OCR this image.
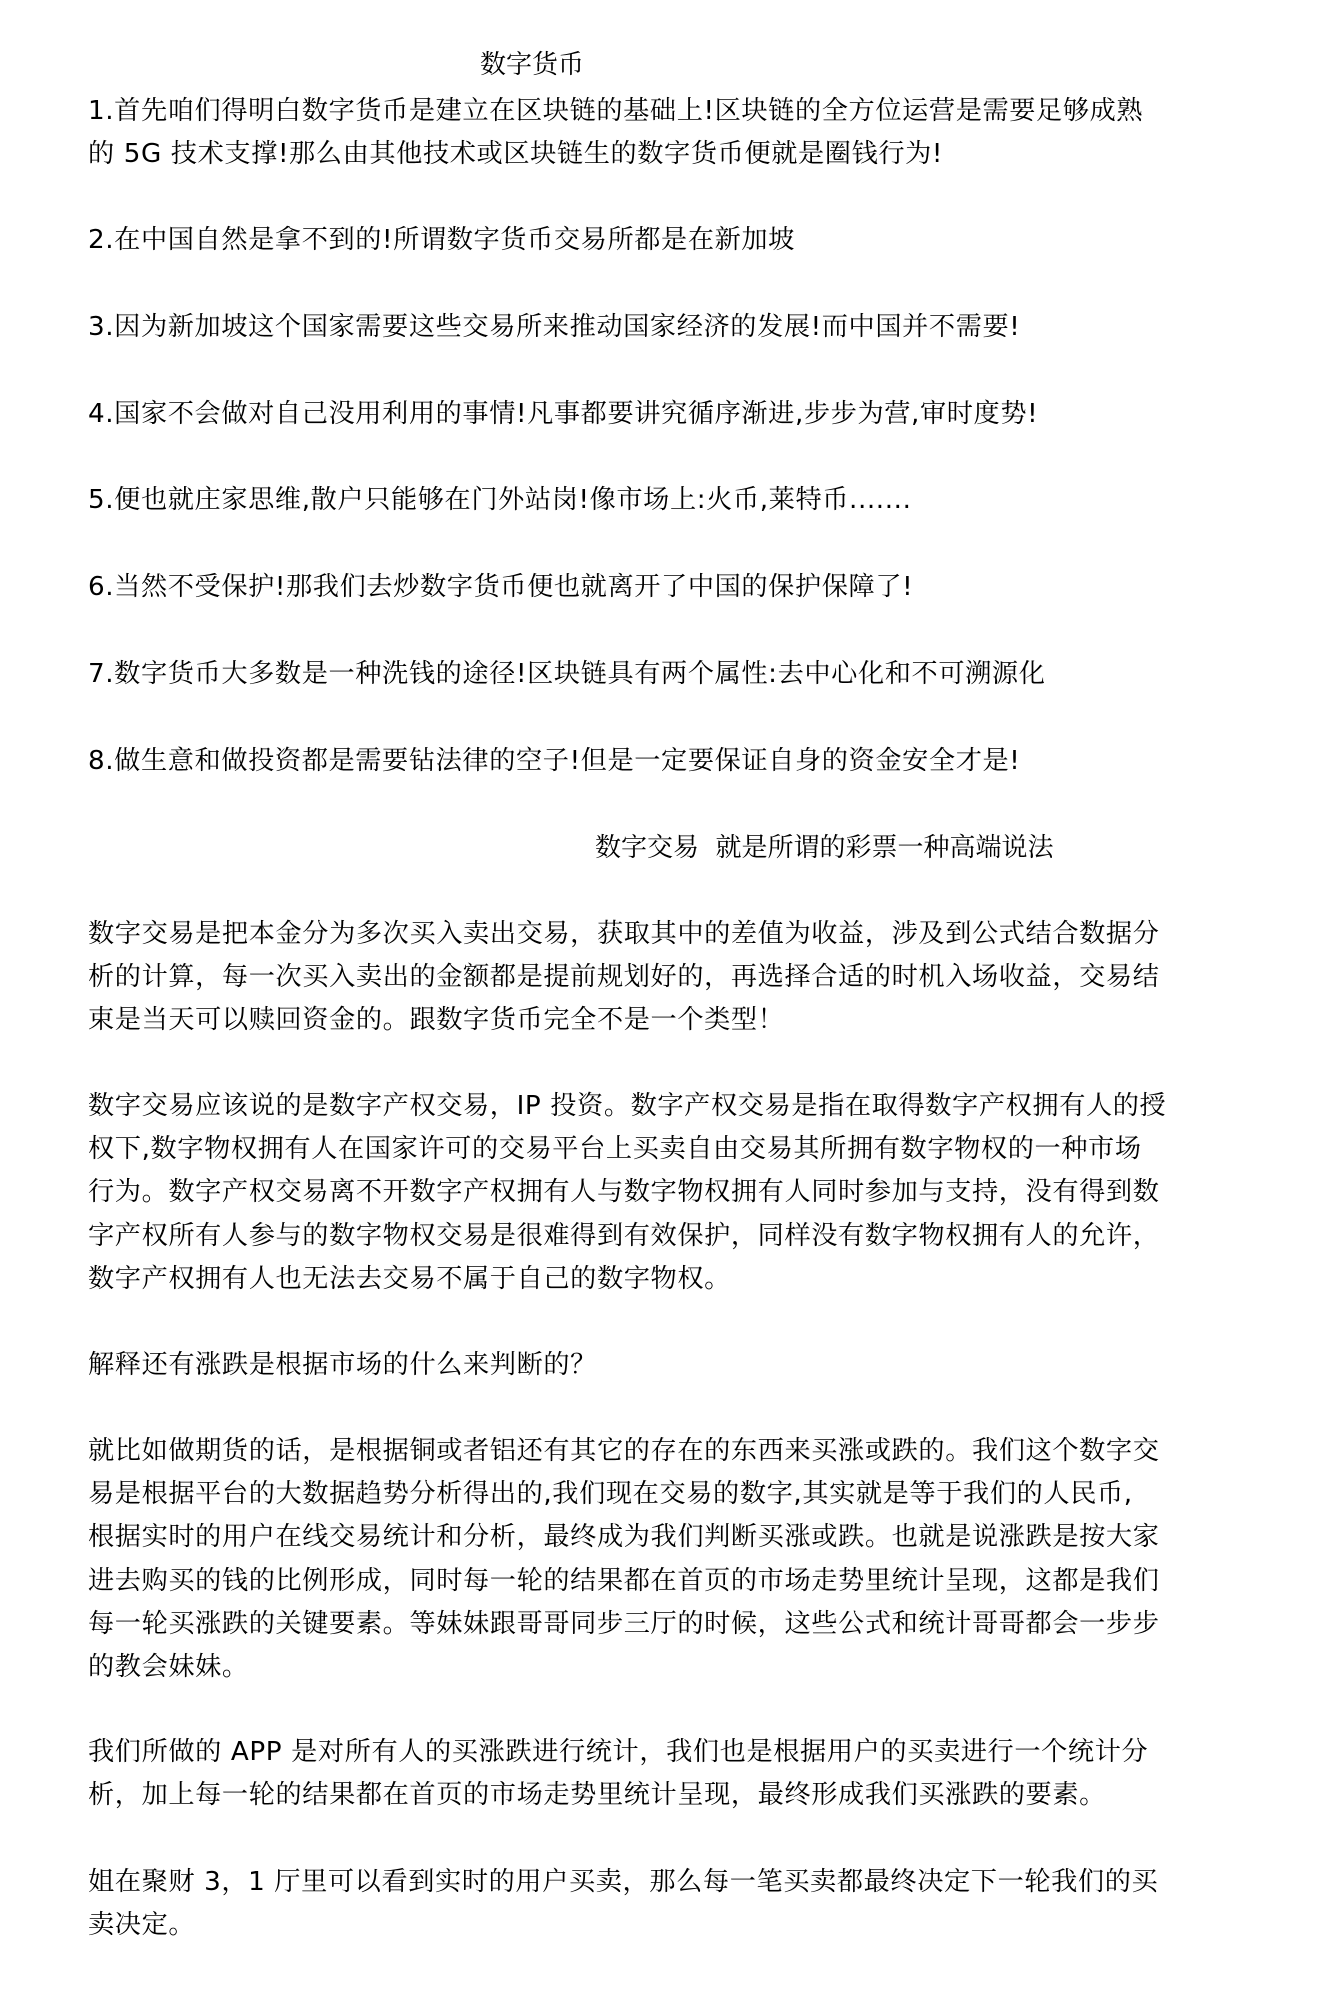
数字货币

1.首先咱们得明白数字货币是建立在区块链的基础上!区块链的全方位运营是需要足够成熟
的 5G 技术支撑!那么由其他技术或区块链生的数字货币便就是圈钱行为!

2.在中国自然是拿不到的!所谓数字货币交易所都是在新加坡

3.因为新加坡这个国家需要这些交易所来推动国家经济的发展!而中国并不需要!

4.国家不会做对自己没用利用的事情!凡事都要讲究循序渐进,步步为营,审时度势!

5.便也就庄家思维,散户只能够在门外站岗!像市场上:火币,莱特币.......

6.当然不受保护!那我们去炒数字货币便也就离开了中国的保护保障了!

7.数字货币大多数是一种洗钱的途径!区块链具有两个属性:去中心化和不可溯源化

8.做生意和做投资都是需要钻法律的空子!但是一定要保证自身的资金安全才是!

数字交易  就是所谓的彩票一种高端说法

数字交易是把本金分为多次买入卖出交易，获取其中的差值为收益，涉及到公式结合数据分
析的计算，每一次买入卖出的金额都是提前规划好的，再选择合适的时机入场收益，交易结
束是当天可以赎回资金的。跟数字货币完全不是一个类型！

数字交易应该说的是数字产权交易，IP 投资。数字产权交易是指在取得数字产权拥有人的授
权下,数字物权拥有人在国家许可的交易平台上买卖自由交易其所拥有数字物权的一种市场
行为。数字产权交易离不开数字产权拥有人与数字物权拥有人同时参加与支持，没有得到数
字产权所有人参与的数字物权交易是很难得到有效保护，同样没有数字物权拥有人的允许，
数字产权拥有人也无法去交易不属于自己的数字物权。

解释还有涨跌是根据市场的什么来判断的？

就比如做期货的话，是根据铜或者铝还有其它的存在的东西来买涨或跌的。我们这个数字交
易是根据平台的大数据趋势分析得出的,我们现在交易的数字,其实就是等于我们的人民币,
根据实时的用户在线交易统计和分析，最终成为我们判断买涨或跌。也就是说涨跌是按大家
进去购买的钱的比例形成，同时每一轮的结果都在首页的市场走势里统计呈现，这都是我们
每一轮买涨跌的关键要素。等妹妹跟哥哥同步三厅的时候，这些公式和统计哥哥都会一步步
的教会妹妹。

我们所做的 APP 是对所有人的买涨跌进行统计，我们也是根据用户的买卖进行一个统计分
析，加上每一轮的结果都在首页的市场走势里统计呈现，最终形成我们买涨跌的要素。

姐在聚财 3，1 厅里可以看到实时的用户买卖，那么每一笔买卖都最终决定下一轮我们的买
卖决定。
